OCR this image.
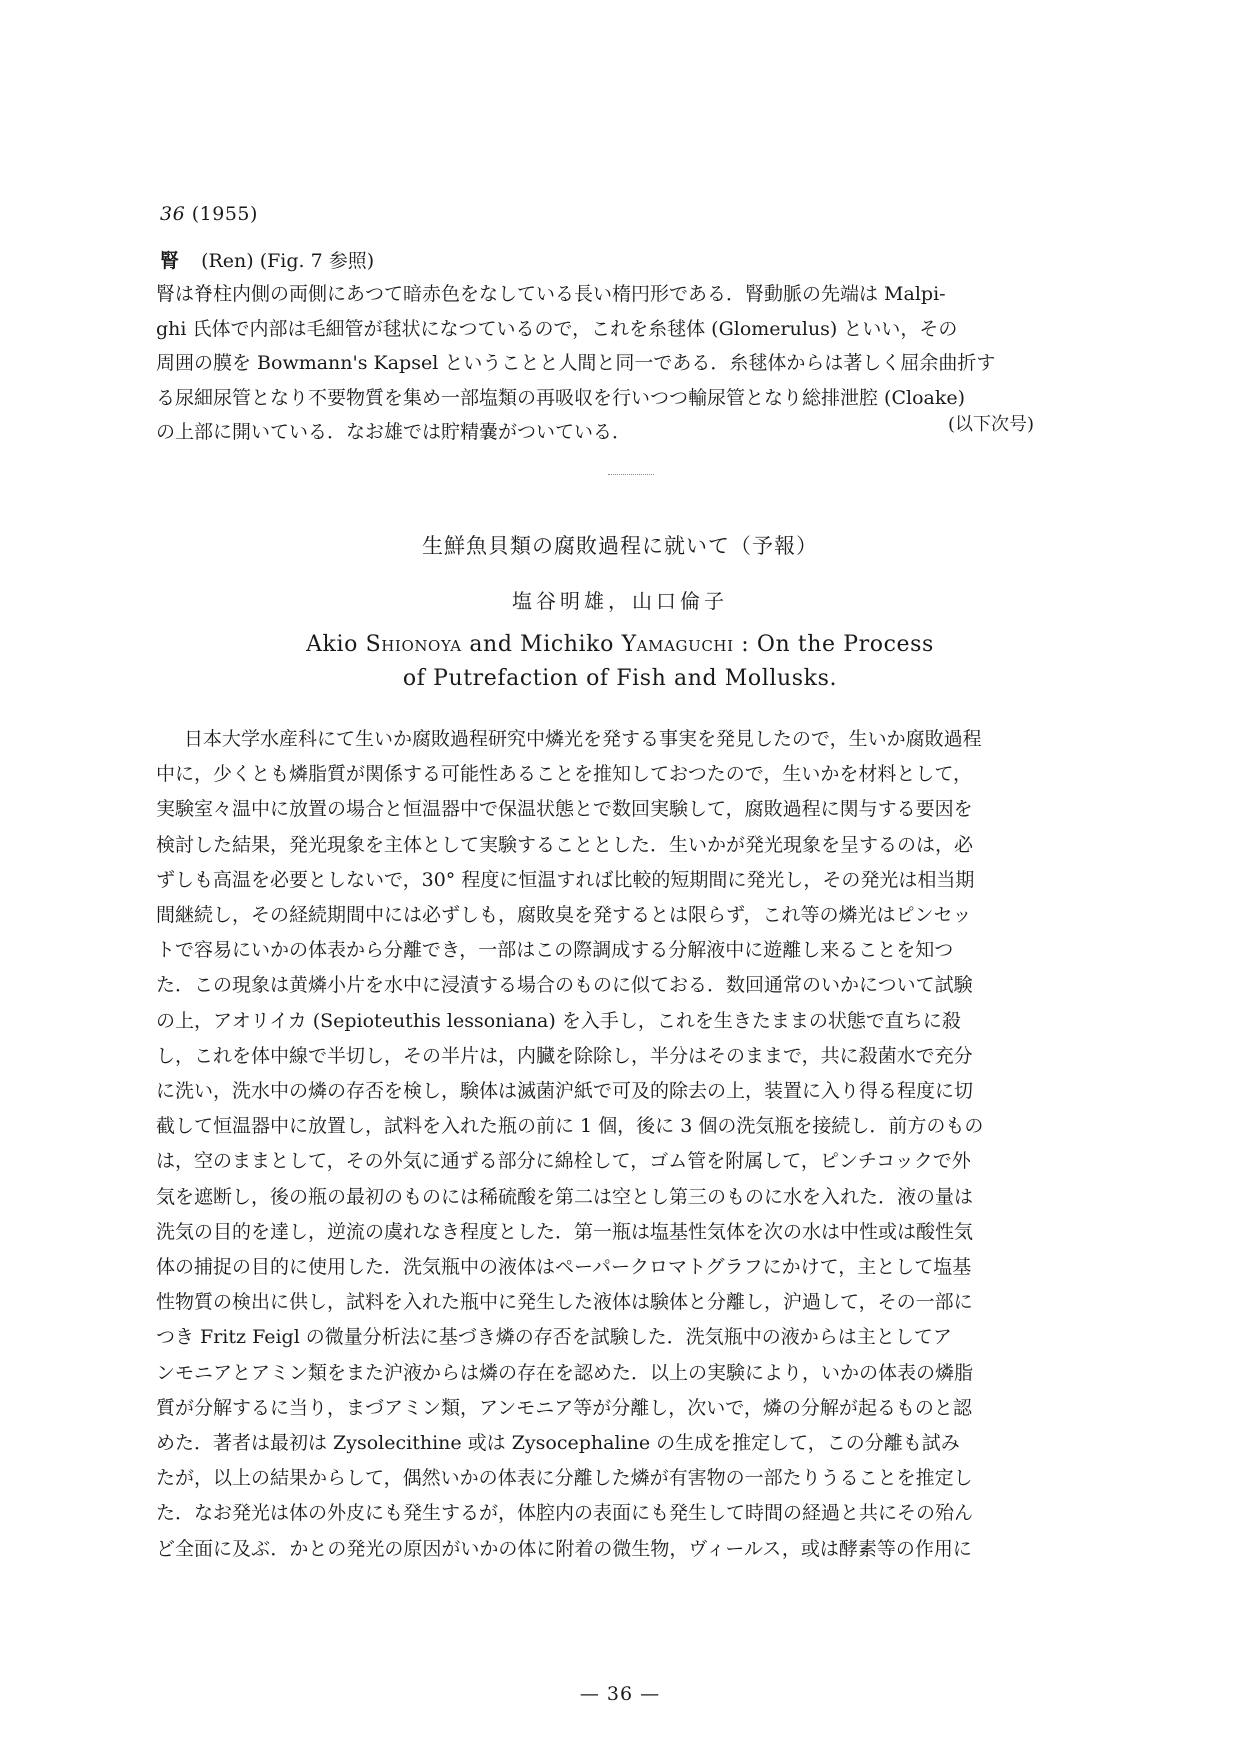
36 (1955)
腎 (Ren) (Fig. 7 参照)
腎は脊柱内側の両側にあつて暗赤色をなしている長い楕円形である．腎動脈の先端は Malpi-
ghi 氏体で内部は毛細管が毬状になつているので，これを糸毬体 (Glomerulus) といい，その
周囲の膜を Bowmann's Kapsel ということと人間と同一である．糸毬体からは著しく屈余曲折す
る尿細尿管となり不要物質を集め一部塩類の再吸収を行いつつ輸尿管となり総排泄腔 (Cloake)
の上部に開いている．なお雄では貯精嚢がついている．	(以下次号)
生鮮魚貝類の腐敗過程に就いて（予報）
塩谷明雄，山口倫子
Akio Shionoya and Michiko Yamaguchi : On the Process
of Putrefaction of Fish and Mollusks.
日本大学水産科にて生いか腐敗過程研究中燐光を発する事実を発見したので，生いか腐敗過程
中に，少くとも燐脂質が関係する可能性あることを推知しておつたので，生いかを材料として，
実験室々温中に放置の場合と恒温器中で保温状態とで数回実験して，腐敗過程に関与する要因を
検討した結果，発光現象を主体として実験することとした．生いかが発光現象を呈するのは，必
ずしも高温を必要としないで，30° 程度に恒温すれば比較的短期間に発光し，その発光は相当期
間継続し，その経続期間中には必ずしも，腐敗臭を発するとは限らず，これ等の燐光はピンセッ
トで容易にいかの体表から分離でき，一部はこの際調成する分解液中に遊離し来ることを知つ
た．この現象は黄燐小片を水中に浸漬する場合のものに似ておる．数回通常のいかについて試験
の上，アオリイカ (Sepioteuthis lessoniana) を入手し，これを生きたままの状態で直ちに殺
し，これを体中線で半切し，その半片は，内臓を除除し，半分はそのままで，共に殺菌水で充分
に洗い，洗水中の燐の存否を検し，験体は滅菌沪紙で可及的除去の上，装置に入り得る程度に切
截して恒温器中に放置し，試料を入れた瓶の前に 1 個，後に 3 個の洗気瓶を接続し．前方のもの
は，空のままとして，その外気に通ずる部分に綿栓して，ゴム管を附属して，ピンチコックで外
気を遮断し，後の瓶の最初のものには稀硫酸を第二は空とし第三のものに水を入れた．液の量は
洗気の目的を達し，逆流の虞れなき程度とした．第一瓶は塩基性気体を次の水は中性或は酸性気
体の捕捉の目的に使用した．洗気瓶中の液体はペーパークロマトグラフにかけて，主として塩基
性物質の検出に供し，試料を入れた瓶中に発生した液体は験体と分離し，沪過して，その一部に
つき Fritz Feigl の微量分析法に基づき燐の存否を試験した．洗気瓶中の液からは主としてア
ンモニアとアミン類をまた沪液からは燐の存在を認めた．以上の実験により，いかの体表の燐脂
質が分解するに当り，まづアミン類，アンモニア等が分離し，次いで，燐の分解が起るものと認
めた．著者は最初は Zysolecithine 或は Zysocephaline の生成を推定して，この分離も試み
たが，以上の結果からして，偶然いかの体表に分離した燐が有害物の一部たりうることを推定し
た．なお発光は体の外皮にも発生するが，体腔内の表面にも発生して時間の経過と共にその殆ん
ど全面に及ぶ．かとの発光の原因がいかの体に附着の微生物，ヴィールス，或は酵素等の作用に
— 36 —
